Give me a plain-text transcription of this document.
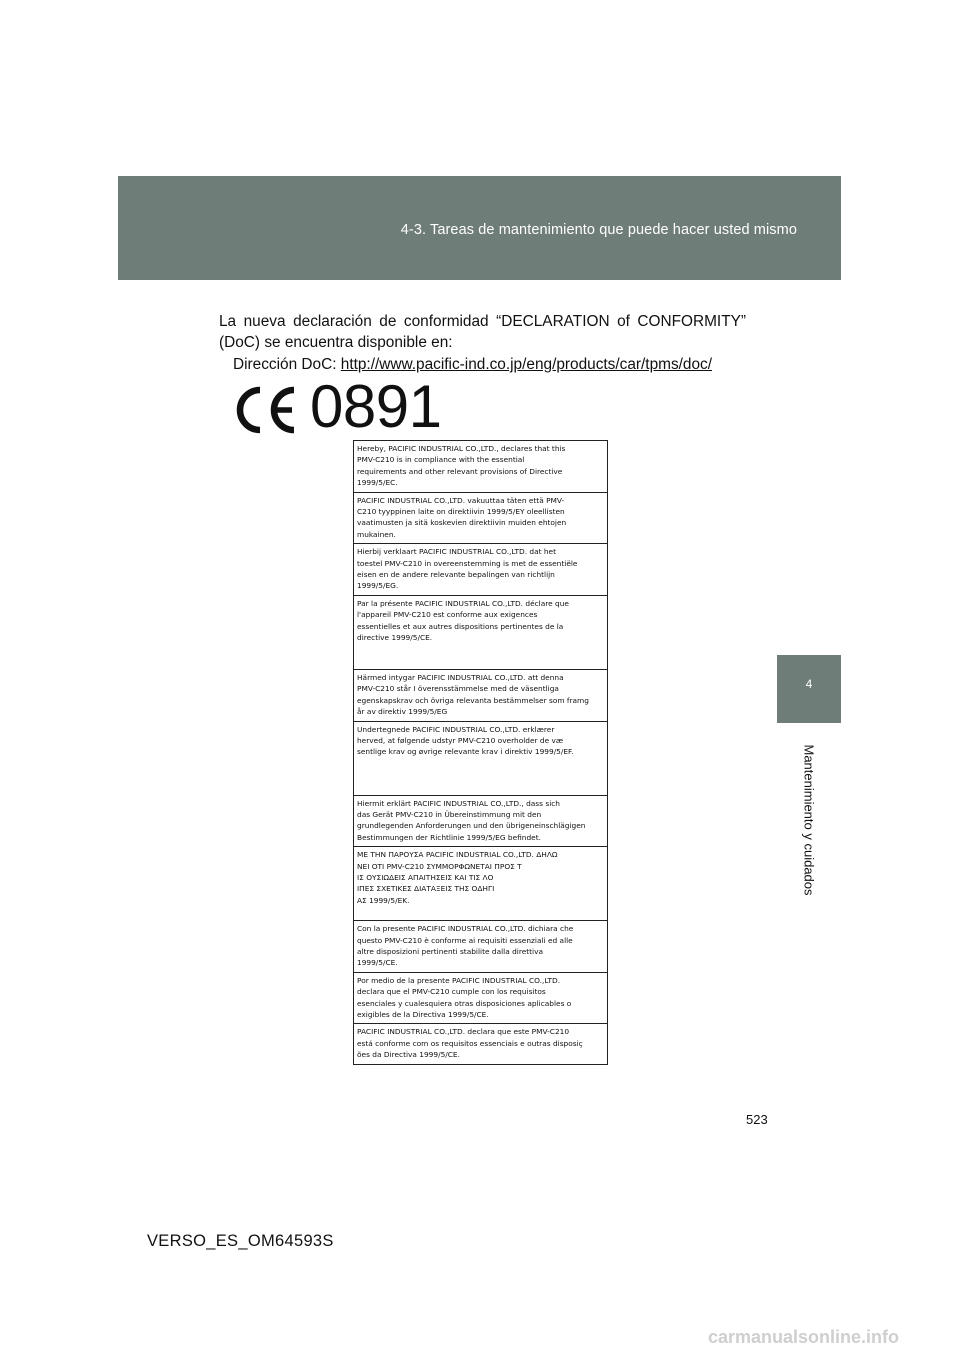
4-3. Tareas de mantenimiento que puede hacer usted mismo
4
Mantenimiento y cuidados
La nueva declaración de conformidad “DECLARATION of CONFORMITY” (DoC) se encuentra disponible en:
Dirección DoC: http://www.pacific-ind.co.jp/eng/products/car/tpms/doc/
0891
Hereby, PACIFIC INDUSTRIAL CO.,LTD., declares that this
PMV-C210 is in compliance with the essential
requirements and other relevant provisions of Directive
1999/5/EC.
PACIFIC INDUSTRIAL CO.,LTD. vakuuttaa täten että PMV-
C210 tyyppinen laite on direktiivin 1999/5/EY oleellisten
vaatimusten ja sitä koskevien direktiivin muiden ehtojen
mukainen.
Hierbij verklaart PACIFIC INDUSTRIAL CO.,LTD. dat het
toestel PMV-C210 in overeenstemming is met de essentiële
eisen en de andere relevante bepalingen van richtlijn
1999/5/EG.
Par la présente PACIFIC INDUSTRIAL CO.,LTD. déclare que
l'appareil PMV-C210 est conforme aux exigences
essentielles et aux autres dispositions pertinentes de la
directive 1999/5/CE.
Härmed intygar PACIFIC INDUSTRIAL CO.,LTD. att denna
PMV-C210 står I överensstämmelse med de väsentliga
egenskapskrav och övriga relevanta bestämmelser som framg
år av direktiv 1999/5/EG
Undertegnede PACIFIC INDUSTRIAL CO.,LTD. erklærer
herved, at følgende udstyr PMV-C210 overholder de væ
sentlige krav og øvrige relevante krav i direktiv 1999/5/EF.
Hiermit erklärt PACIFIC INDUSTRIAL CO.,LTD., dass sich
das Gerät PMV-C210 in Übereinstimmung mit den
grundlegenden Anforderungen und den übrigeneinschlägigen
Bestimmungen der Richtlinie 1999/5/EG befindet.
ΜΕ ΤΗΝ ΠΑΡΟΥΣΑ PACIFIC INDUSTRIAL CO.,LTD. ΔΗΛΩ
ΝΕΙ ΟΤΙ PMV-C210 ΣΥΜΜΟΡΦΩΝΕΤΑΙ ΠΡΟΣ Τ
ΙΣ ΟΥΣΙΩΔΕΙΣ ΑΠΑΙΤΗΣΕΙΣ ΚΑΙ ΤΙΣ ΛΟ
ΙΠΕΣ ΣΧΕΤΙΚΕΣ ΔΙΑΤΑΞΕΙΣ ΤΗΣ ΟΔΗΓΙ
ΑΣ 1999/5/ΕΚ.
Con la presente PACIFIC INDUSTRIAL CO.,LTD. dichiara che
questo PMV-C210 è conforme ai requisiti essenziali ed alle
altre disposizioni pertinenti stabilite dalla direttiva
1999/5/CE.
Por medio de la presente PACIFIC INDUSTRIAL CO.,LTD.
declara que el PMV-C210 cumple con los requisitos
esenciales y cualesquiera otras disposiciones aplicables o
exigibles de la Directiva 1999/5/CE.
PACIFIC INDUSTRIAL CO.,LTD. declara que este PMV-C210
está conforme com os requisitos essenciais e outras disposiç
ões da Directiva 1999/5/CE.
523
VERSO_ES_OM64593S
carmanualsonline.info
